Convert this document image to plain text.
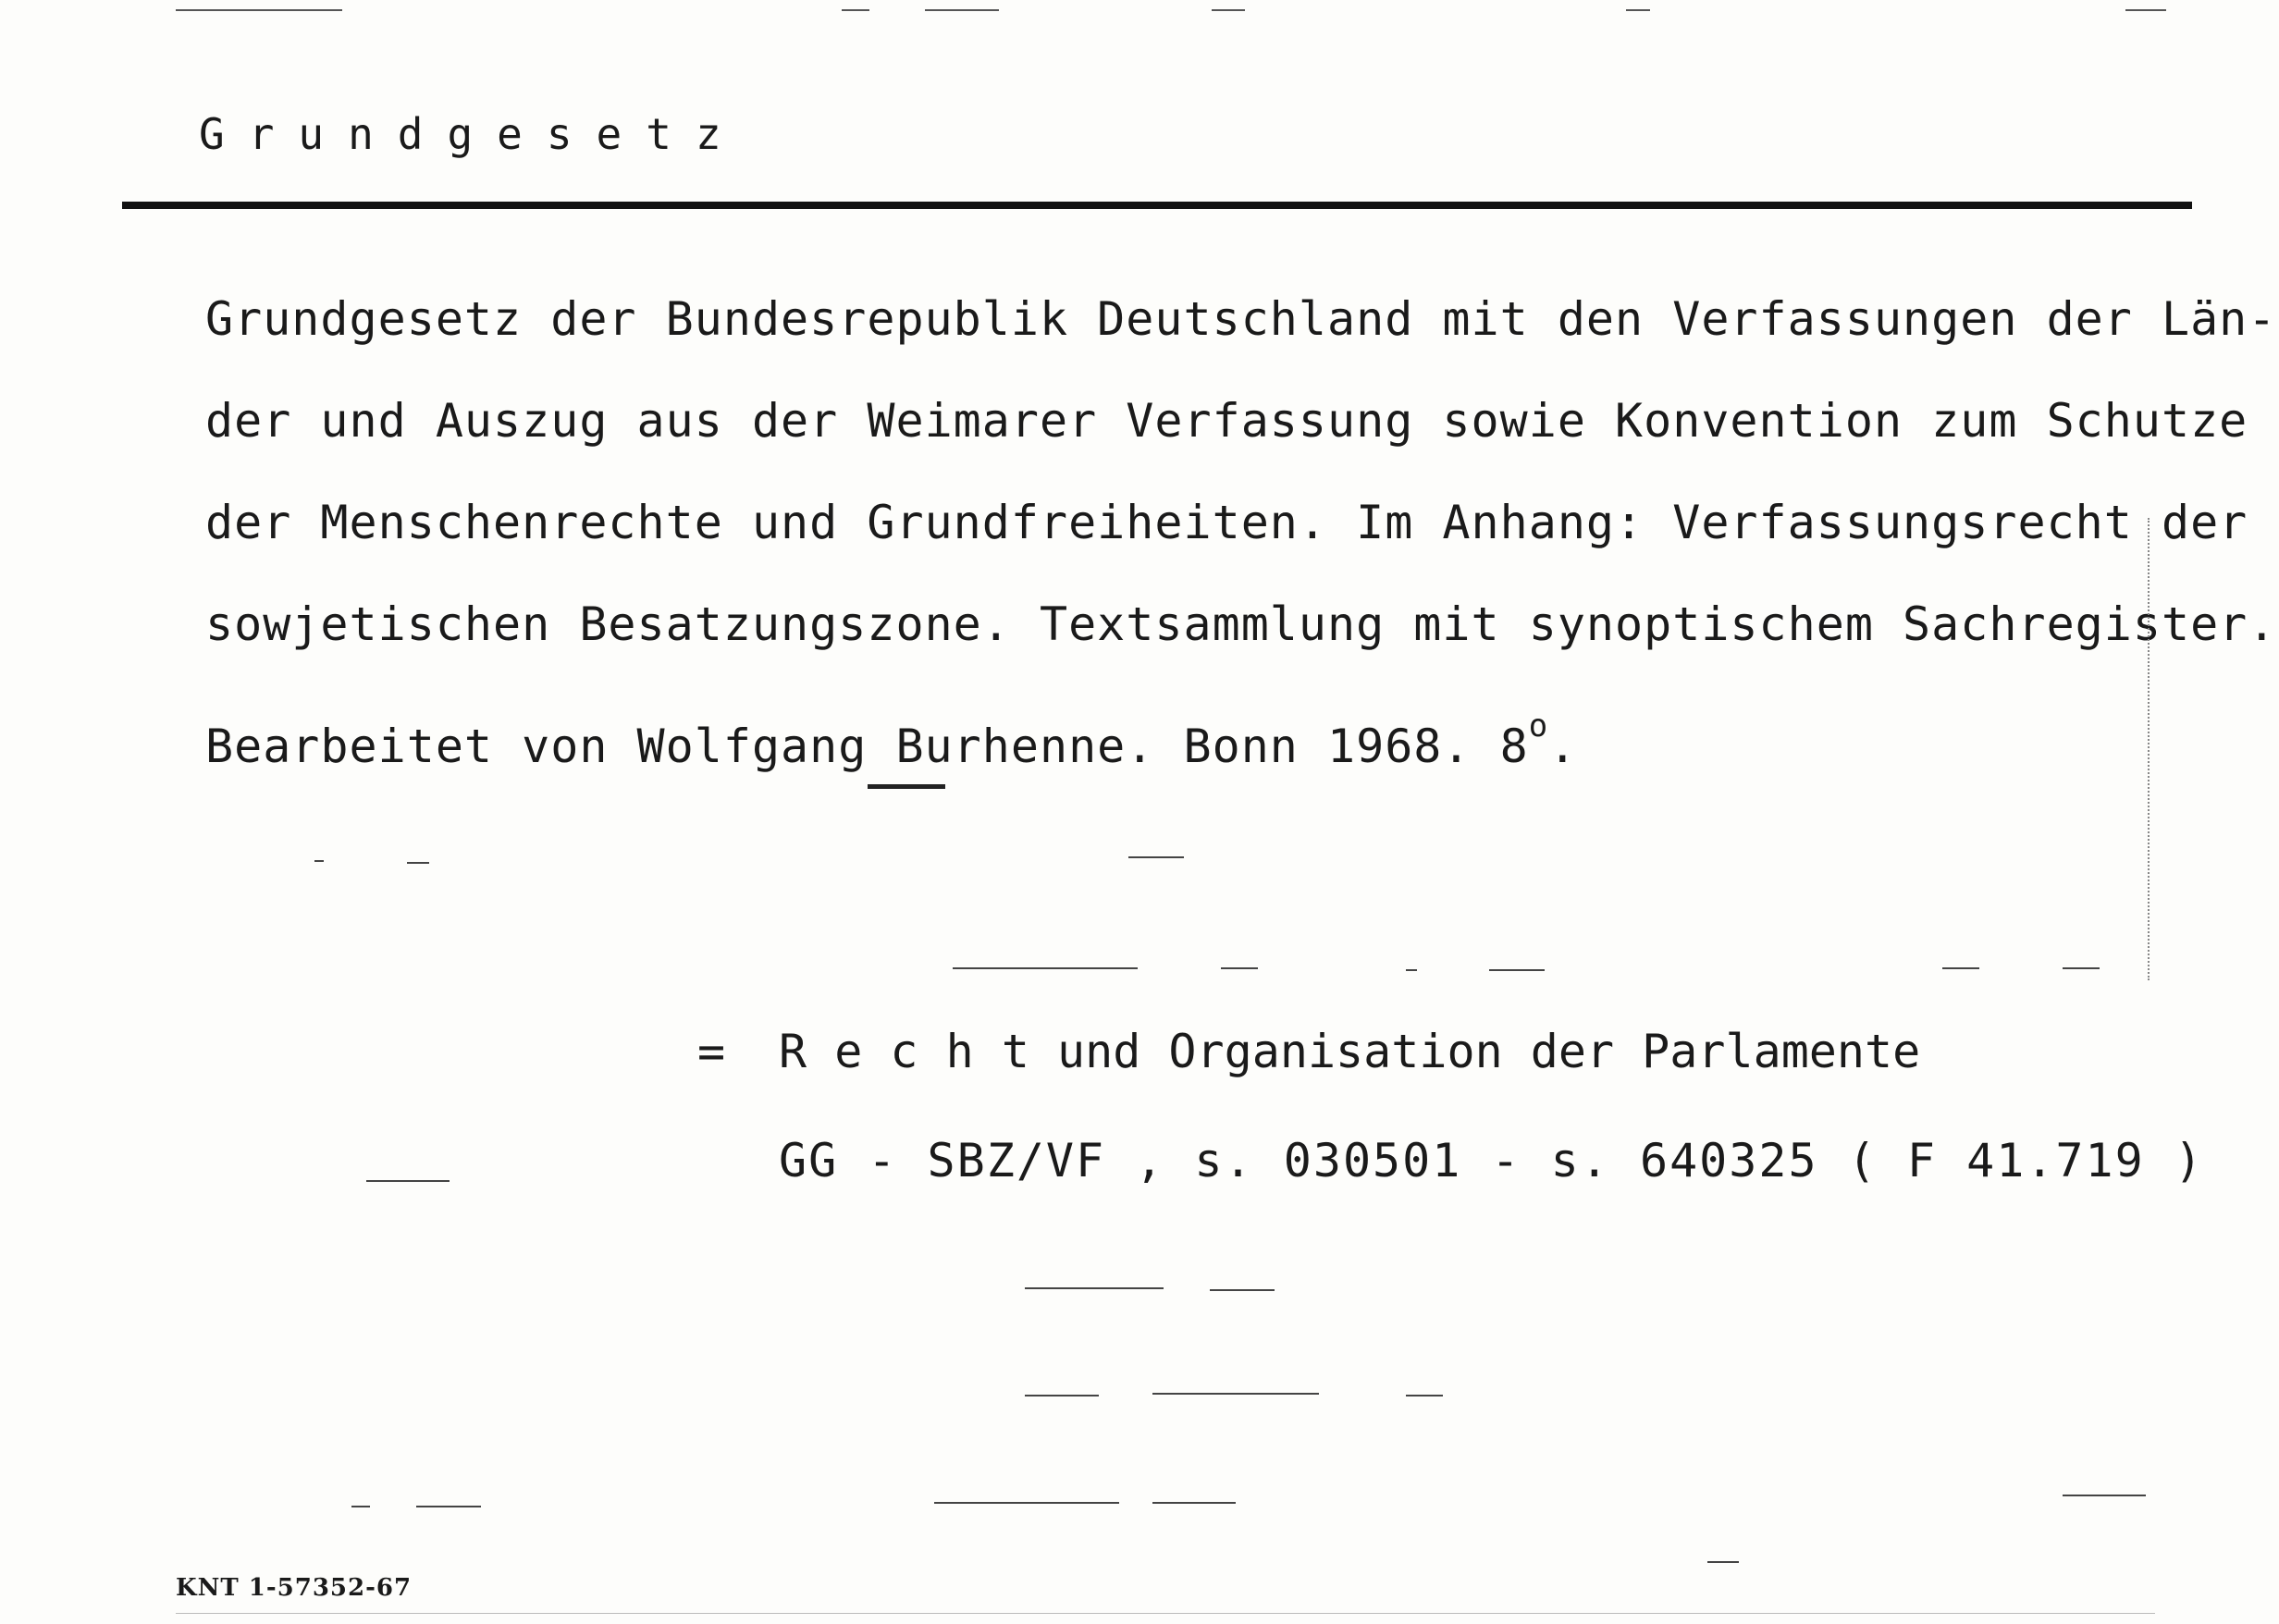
Grundgesetz
Grundgesetz der Bundesrepublik Deutschland mit den Verfassungen der Län-
der und Auszug aus der Weimarer Verfassung sowie Konvention zum Schutze
der Menschenrechte und Grundfreiheiten. Im Anhang: Verfassungsrecht der
sowjetischen Besatzungszone. Textsammlung mit synoptischem Sachregister.
Bearbeitet von Wolfgang Burhenne. Bonn 1968. $8^o$.
= R e c h t und Organisation der Parlamente
GG - SBZ/VF , s. 030501 - s. 640325 ( F 41.719 )
KNT 1-57352-67
